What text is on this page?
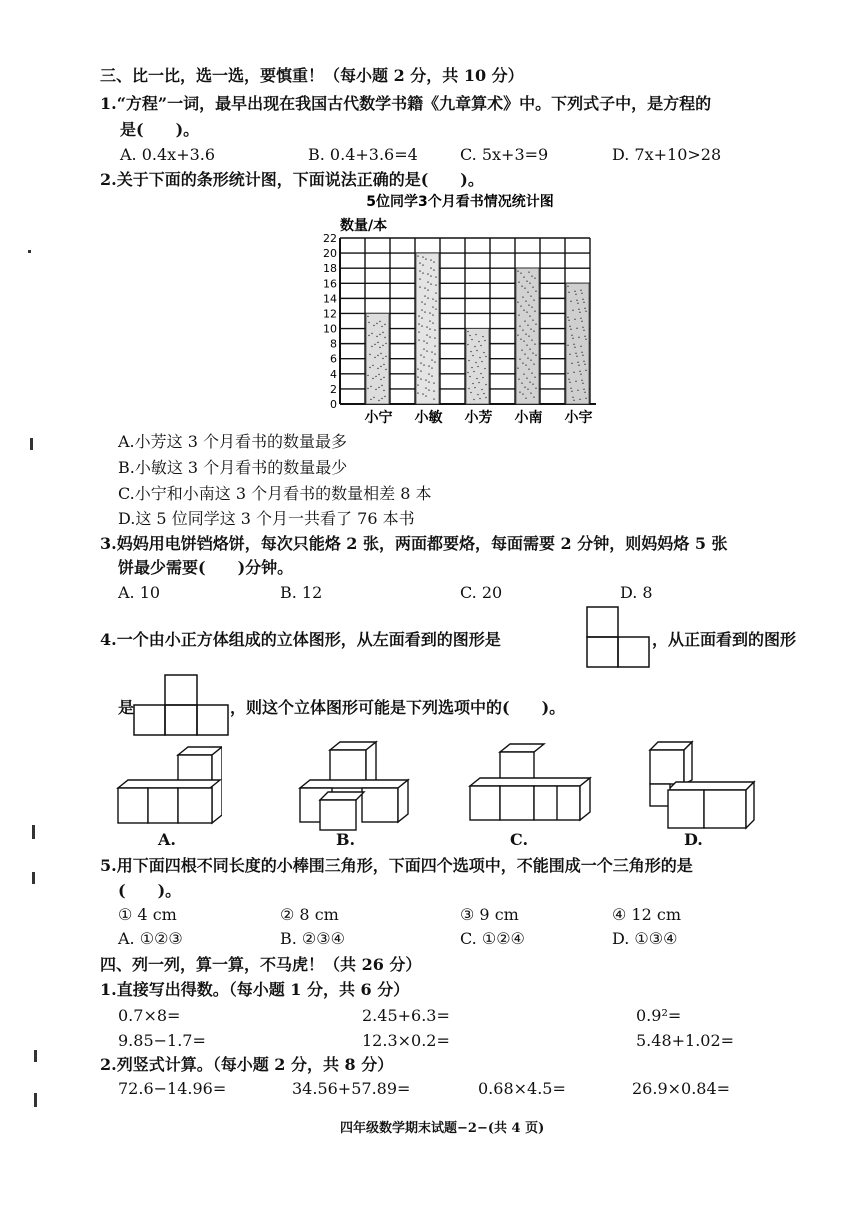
三、比一比，选一选，要慎重！（每小题 2 分，共 10 分）
1.“方程”一词，最早出现在我国古代数学书籍《九章算术》中。下列式子中，是方程的
是(　　)。
A. 0.4x+3.6	B. 0.4+3.6=4	C. 5x+3=9	D. 7x+10>28
2.关于下面的条形统计图，下面说法正确的是(　　)。
5位同学3个月看书情况统计图
数量/本
0
2
4
6
8
10
12
14
16
18
20
22
小宁 小敏 小芳 小南 小宇
A.小芳这 3 个月看书的数量最多
B.小敏这 3 个月看书的数量最少
C.小宁和小南这 3 个月看书的数量相差 8 本
D.这 5 位同学这 3 个月一共看了 76 本书
3.妈妈用电饼铛烙饼，每次只能烙 2 张，两面都要烙，每面需要 2 分钟，则妈妈烙 5 张
饼最少需要(　　)分钟。
A. 10	B. 12	C. 20	D. 8
4.一个由小正方体组成的立体图形，从左面看到的图形是	，从正面看到的图形
是	，则这个立体图形可能是下列选项中的(　　)。
A.	B.	C.	D.
5.用下面四根不同长度的小棒围三角形，下面四个选项中，不能围成一个三角形的是
(　　)。
① 4 cm	② 8 cm	③ 9 cm	④ 12 cm
A. ①②③	B. ②③④	C. ①②④	D. ①③④
四、列一列，算一算，不马虎！（共 26 分）
1.直接写出得数。（每小题 1 分，共 6 分）
0.7×8=	2.45+6.3=	0.9²=
9.85−1.7=	12.3×0.2=	5.48+1.02=
2.列竖式计算。（每小题 2 分，共 8 分）
72.6−14.96=	34.56+57.89=	0.68×4.5=	26.9×0.84=
四年级数学期末试题−2−(共 4 页)
